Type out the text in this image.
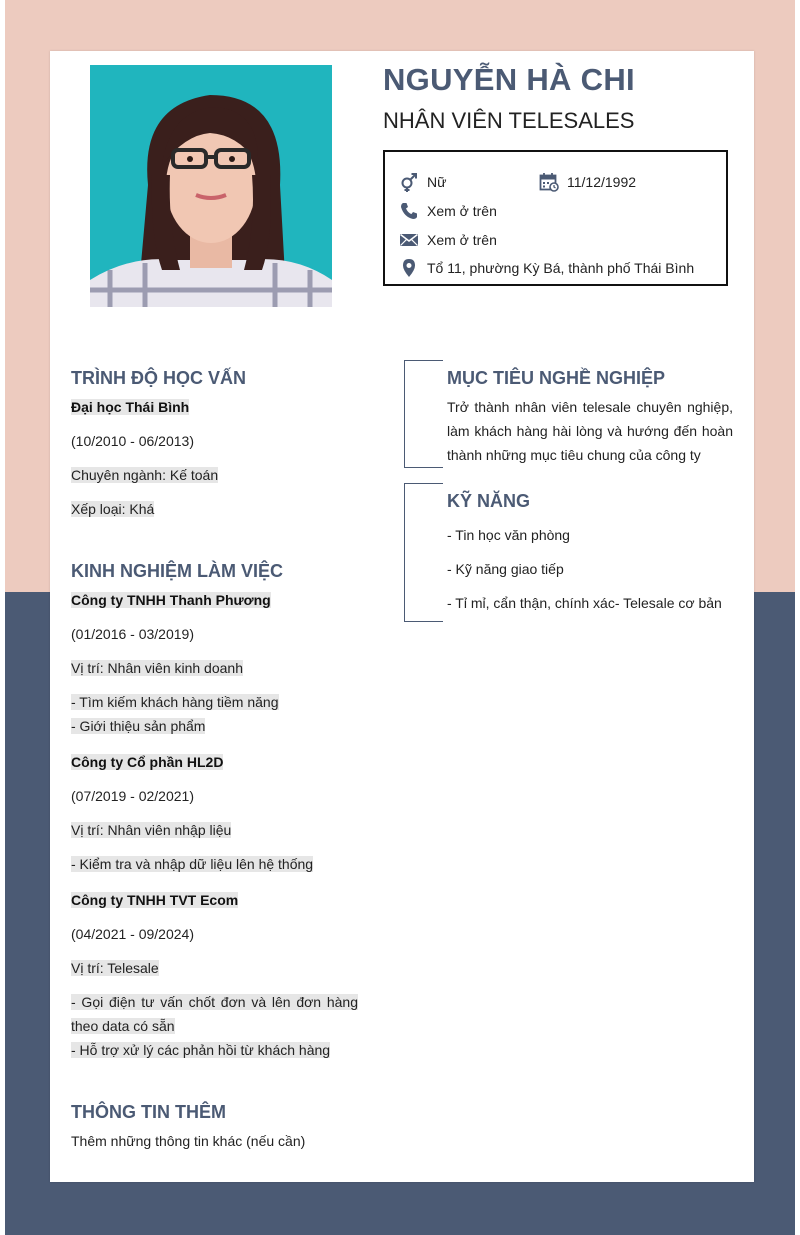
NGUYỄN HÀ CHI
NHÂN VIÊN TELESALES
Nữ	11/12/1992
Xem ở trên
Xem ở trên
Tổ 11, phường Kỳ Bá, thành phố Thái Bình
TRÌNH ĐỘ HỌC VẤN
Đại học Thái Bình
(10/2010 - 06/2013)
Chuyên ngành: Kế toán
Xếp loại: Khá
KINH NGHIỆM LÀM VIỆC
Công ty TNHH Thanh Phương
(01/2016 - 03/2019)
Vị trí: Nhân viên kinh doanh
- Tìm kiếm khách hàng tiềm năng
- Giới thiệu sản phẩm
Công ty Cổ phần HL2D
(07/2019 - 02/2021)
Vị trí: Nhân viên nhập liệu
- Kiểm tra và nhập dữ liệu lên hệ thống
Công ty TNHH TVT Ecom
(04/2021 - 09/2024)
Vị trí: Telesale
- Gọi điện tư vấn chốt đơn và lên đơn hàng
theo data có sẵn
- Hỗ trợ xử lý các phản hồi từ khách hàng
THÔNG TIN THÊM
Thêm những thông tin khác (nếu cần)
MỤC TIÊU NGHỀ NGHIỆP
Trở thành nhân viên telesale chuyên nghiệp, làm khách hàng hài lòng và hướng đến hoàn thành những mục tiêu chung của công ty
KỸ NĂNG
- Tin học văn phòng
- Kỹ năng giao tiếp
- Tỉ mỉ, cẩn thận, chính xác- Telesale cơ bản
